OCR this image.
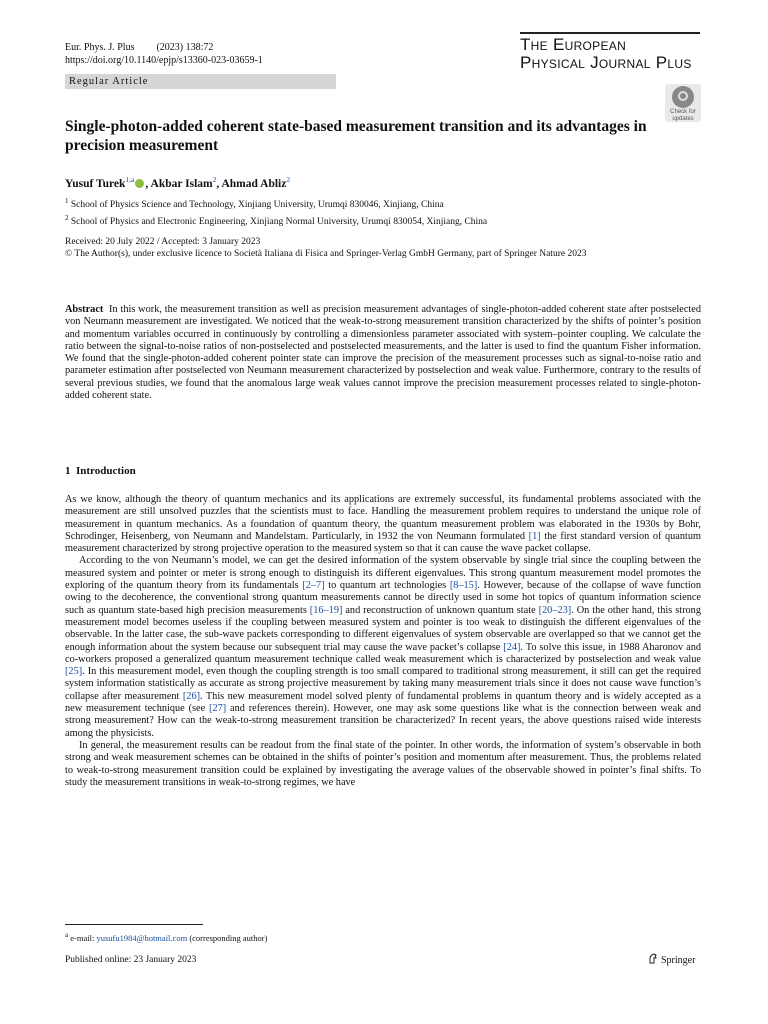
Eur. Phys. J. Plus (2023) 138:72
https://doi.org/10.1140/epjp/s13360-023-03659-1
The European
Physical Journal Plus
Regular Article
Check for updates
Single-photon-added coherent state-based measurement transition and its advantages in precision measurement
Yusuf Turek$^{1,a}$ , Akbar Islam$^2$, Ahmad Abliz$^2$
$^1$ School of Physics Science and Technology, Xinjiang University, Urumqi 830046, Xinjiang, China
$^2$ School of Physics and Electronic Engineering, Xinjiang Normal University, Urumqi 830054, Xinjiang, China
Received: 20 July 2022 / Accepted: 3 January 2023
© The Author(s), under exclusive licence to Società Italiana di Fisica and Springer-Verlag GmbH Germany, part of Springer Nature 2023
Abstract In this work, the measurement transition as well as precision measurement advantages of single-photon-added coherent state after postselected von Neumann measurement are investigated. We noticed that the weak-to-strong measurement transition characterized by the shifts of pointer’s position and momentum variables occurred in continuously by controlling a dimensionless parameter associated with system–pointer coupling. We calculate the ratio between the signal-to-noise ratios of non-postselected and postselected measurements, and the latter is used to find the quantum Fisher information. We found that the single-photon-added coherent pointer state can improve the precision of the measurement processes such as signal-to-noise ratio and parameter estimation after postselected von Neumann measurement characterized by postselection and weak value. Furthermore, contrary to the results of several previous studies, we found that the anomalous large weak values cannot improve the precision measurement processes related to single-photon-added coherent state.
1 Introduction

As we know, although the theory of quantum mechanics and its applications are extremely successful, its fundamental problems associated with the measurement are still unsolved puzzles that the scientists must to face. Handling the measurement problem requires to understand the unique role of measurement in quantum mechanics. As a foundation of quantum theory, the quantum measurement problem was elaborated in the 1930s by Bohr, Schrodinger, Heisenberg, von Neumann and Mandelstam. Particularly, in 1932 the von Neumann formulated [1] the first standard version of quantum measurement characterized by strong projective operation to the measured system so that it can cause the wave packet collapse.

According to the von Neumann’s model, we can get the desired information of the system observable by single trial since the coupling between the measured system and pointer or meter is strong enough to distinguish its different eigenvalues. This strong quantum measurement model promotes the exploring of the quantum theory from its fundamentals [2–7] to quantum art technologies [8–15]. However, because of the collapse of wave function owing to the decoherence, the conventional strong quantum measurements cannot be directly used in some hot topics of quantum information science such as quantum state-based high precision measurements [16–19] and reconstruction of unknown quantum state [20–23]. On the other hand, this strong measurement model becomes useless if the coupling between measured system and pointer is too weak to distinguish the different eigenvalues of the observable. In the latter case, the sub-wave packets corresponding to different eigenvalues of system observable are overlapped so that we cannot get the enough information about the system because our subsequent trial may cause the wave packet’s collapse [24]. To solve this issue, in 1988 Aharonov and co-workers proposed a generalized quantum measurement technique called weak measurement which is characterized by postselection and weak value [25]. In this measurement model, even though the coupling strength is too small compared to traditional strong measurement, it still can get the required system information statistically as accurate as strong projective measurement by taking many measurement trials since it does not cause wave function’s collapse after measurement [26]. This new measurement model solved plenty of fundamental problems in quantum theory and is widely accepted as a new measurement technique (see [27] and references therein). However, one may ask some questions like what is the connection between weak and strong measurement? How can the weak-to-strong measurement transition be characterized? In recent years, the above questions raised wide interests among the physicists.

In general, the measurement results can be readout from the final state of the pointer. In other words, the information of system’s observable in both strong and weak measurement schemes can be obtained in the shifts of pointer’s position and momentum after measurement. Thus, the problems related to weak-to-strong measurement transition could be explained by investigating the average values of the observable showed in pointer’s final shifts. To study the measurement transitions in weak-to-strong regimes, we have

$^a$ e-mail: yusufu1984@hotmail.com (corresponding author)
Published online: 23 January 2023	Springer
